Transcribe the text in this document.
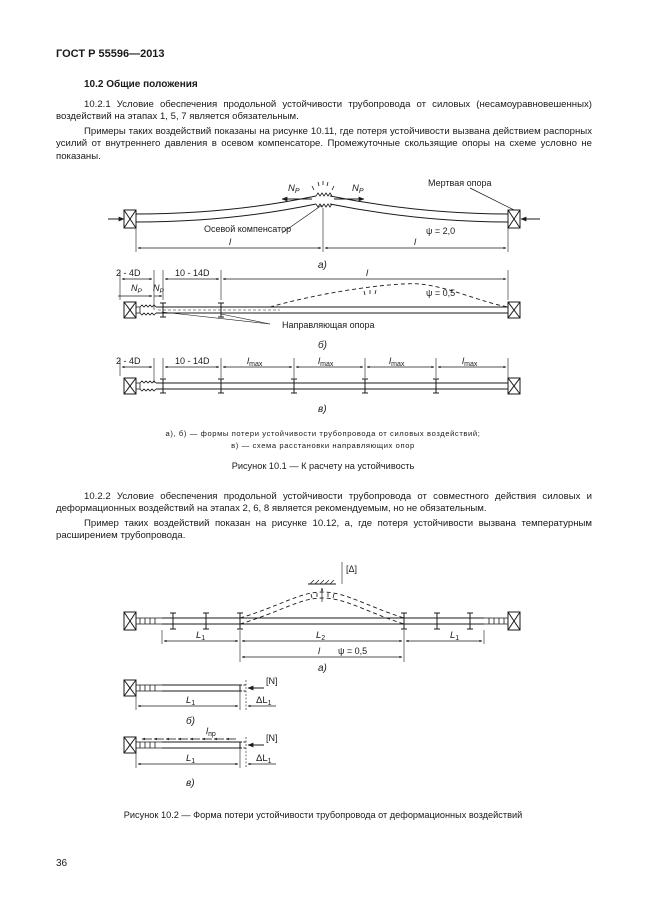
ГОСТ Р 55596—2013
10.2 Общие положения

10.2.1 Условие обеспечения продольной устойчивости трубопровода от силовых (несамоуравновешенных) воздействий на этапах 1, 5, 7 является обязательным.

Примеры таких воздействий показаны на рисунке 10.11, где потеря устойчивости вызвана действием распорных усилий от внутреннего давления в осевом компенсаторе. Промежуточные скользящие опоры на схеме условно не показаны.

$N_P$	$N_P$
Мертвая опора
Осевой компенсатор	ψ = 2,0
l	l
а)
2 - 4D	10 - 14D	l
$N_P$ $N_P$	ψ = 0,5
Направляющая опора
б)
2 - 4D	10 - 14D	$l_{max}$	$l_{max}$	$l_{max}$	$l_{max}$
в)
а), б) — формы потери устойчивости трубопровода от силовых воздействий;
в) — схема расстановки направляющих опор
Рисунок 10.1 — К расчету на устойчивость

10.2.2 Условие обеспечения продольной устойчивости трубопровода от совместного действия силовых и деформационных воздействий на этапах 2, 6, 8 является рекомендуемым, но не обязательным.

Пример таких воздействий показан на рисунке 10.12, а, где потеря устойчивости вызвана температурным расширением трубопровода.

[Δ]
$L_1$	$L_2$	$L_1$
l ψ = 0,5
а)
[N]
$L_1$	$\Delta L_1$
б)
$l_{пр}$	[N]
$L_1$	$\Delta L_1$
в)
Рисунок 10.2 — Форма потери устойчивости трубопровода от деформационных воздействий
36
